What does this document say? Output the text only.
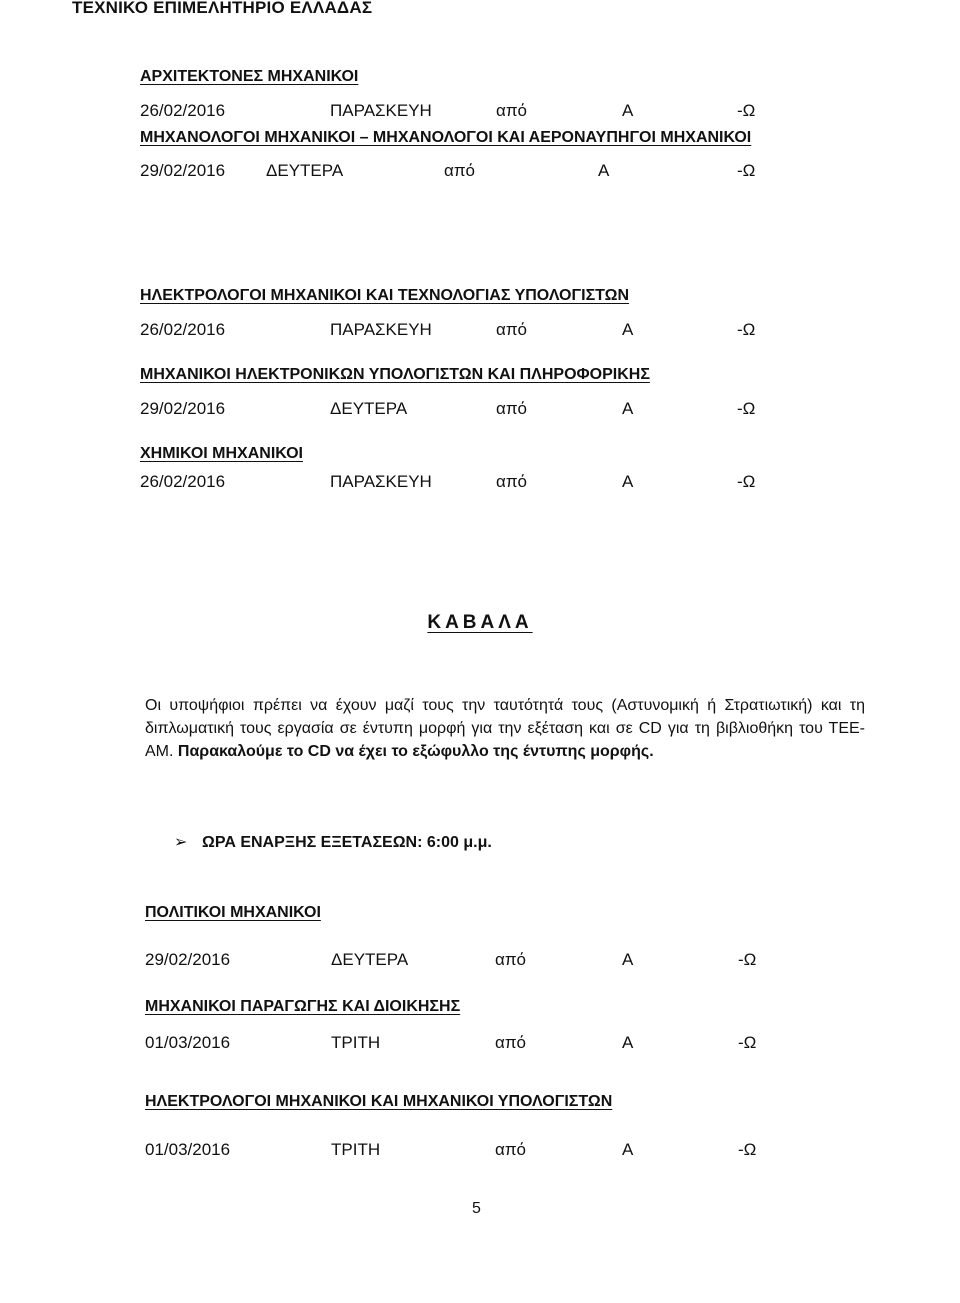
ΤΕΧΝΙΚΟ ΕΠΙΜΕΛΗΤΗΡΙΟ ΕΛΛΑΔΑΣ
ΑΡΧΙΤΕΚΤΟΝΕΣ ΜΗΧΑΝΙΚΟΙ
26/02/2016	ΠΑΡΑΣΚΕΥΗ	από	Α	-Ω
ΜΗΧΑΝΟΛΟΓΟΙ ΜΗΧΑΝΙΚΟΙ – ΜΗΧΑΝΟΛΟΓΟΙ ΚΑΙ ΑΕΡΟΝΑΥΠΗΓΟΙ ΜΗΧΑΝΙΚΟΙ
29/02/2016 ΔΕΥΤΕΡΑ	από	Α	-Ω
ΗΛΕΚΤΡΟΛΟΓΟΙ ΜΗΧΑΝΙΚΟΙ ΚΑΙ ΤΕΧΝΟΛΟΓΙΑΣ ΥΠΟΛΟΓΙΣΤΩΝ
26/02/2016	ΠΑΡΑΣΚΕΥΗ	από	Α	-Ω
ΜΗΧΑΝΙΚΟΙ ΗΛΕΚΤΡΟΝΙΚΩΝ ΥΠΟΛΟΓΙΣΤΩΝ ΚΑΙ ΠΛΗΡΟΦΟΡΙΚΗΣ
29/02/2016	ΔΕΥΤΕΡΑ	από	Α	-Ω
ΧΗΜΙΚΟΙ ΜΗΧΑΝΙΚΟΙ
26/02/2016	ΠΑΡΑΣΚΕΥΗ	από	Α	-Ω
ΚΑΒΑΛΑ
Οι υποψήφιοι πρέπει να έχουν μαζί τους την ταυτότητά τους (Αστυνομική ή Στρατιωτική) και τη διπλωματική τους εργασία σε έντυπη μορφή για την εξέταση και σε CD για τη βιβλιοθήκη του ΤΕΕ-ΑΜ. Παρακαλούμε το CD να έχει το εξώφυλλο της έντυπης μορφής.
➢ ΩΡΑ ΕΝΑΡΞΗΣ ΕΞΕΤΑΣΕΩΝ: 6:00 μ.μ.
ΠΟΛΙΤΙΚΟΙ ΜΗΧΑΝΙΚΟΙ
29/02/2016	ΔΕΥΤΕΡΑ	από	Α	-Ω
ΜΗΧΑΝΙΚΟΙ ΠΑΡΑΓΩΓΗΣ ΚΑΙ ΔΙΟΙΚΗΣΗΣ
01/03/2016	ΤΡΙΤΗ	από	Α	-Ω
ΗΛΕΚΤΡΟΛΟΓΟΙ ΜΗΧΑΝΙΚΟΙ ΚΑΙ ΜΗΧΑΝΙΚΟΙ ΥΠΟΛΟΓΙΣΤΩΝ
01/03/2016	ΤΡΙΤΗ	από	Α	-Ω
5
